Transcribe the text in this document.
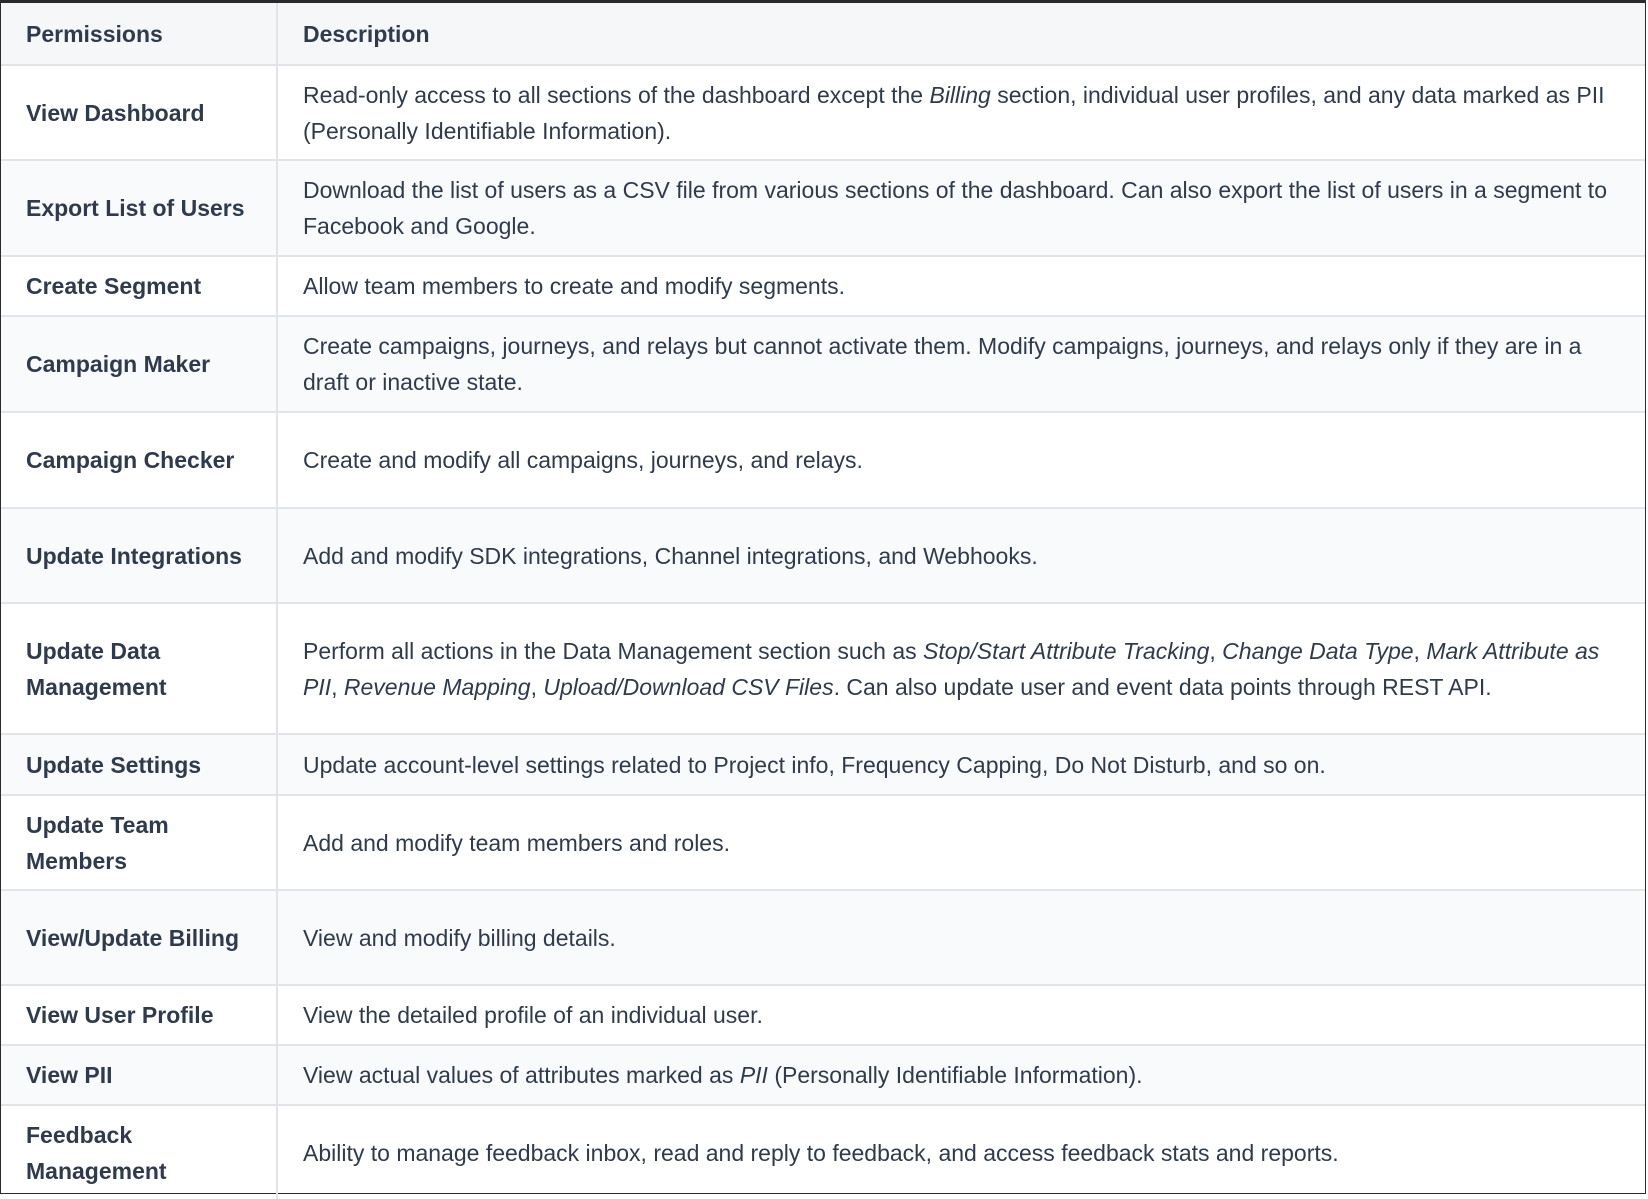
Permissions	Description
View Dashboard	Read-only access to all sections of the dashboard except the Billing section, individual user profiles, and any data marked as PII (Personally Identifiable Information).
Export List of Users	Download the list of users as a CSV file from various sections of the dashboard. Can also export the list of users in a segment to Facebook and Google.
Create Segment	Allow team members to create and modify segments.
Campaign Maker	Create campaigns, journeys, and relays but cannot activate them. Modify campaigns, journeys, and relays only if they are in a draft or inactive state.
Campaign Checker	Create and modify all campaigns, journeys, and relays.
Update Integrations	Add and modify SDK integrations, Channel integrations, and Webhooks.
Update Data Management	Perform all actions in the Data Management section such as Stop/Start Attribute Tracking, Change Data Type, Mark Attribute as PII, Revenue Mapping, Upload/Download CSV Files. Can also update user and event data points through REST API.
Update Settings	Update account-level settings related to Project info, Frequency Capping, Do Not Disturb, and so on.
Update Team Members	Add and modify team members and roles.
View/Update Billing	View and modify billing details.
View User Profile	View the detailed profile of an individual user.
View PII	View actual values of attributes marked as PII (Personally Identifiable Information).
Feedback Management	Ability to manage feedback inbox, read and reply to feedback, and access feedback stats and reports.
